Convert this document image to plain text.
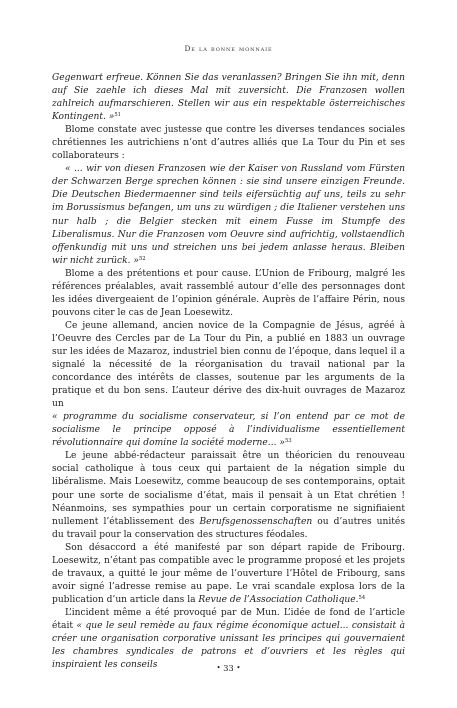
De la bonne monnaie

Gegenwart erfreue. Können Sie das veranlassen? Bringen Sie ihn mit, denn auf Sie zaehle ich dieses Mal mit zuversicht. Die Franzosen wollen zahlreich aufmarschieren. Stellen wir aus ein respektable österreichisches Kontingent. »$^{51}$

Blome constate avec justesse que contre les diverses tendances sociales chrétiennes les autrichiens n’ont d’autres alliés que La Tour du Pin et ses collaborateurs :

« ... wir von diesen Franzosen wie der Kaiser von Russland vom Fürsten der Schwarzen Berge sprechen können : sie sind unsere einzigen Freunde. Die Deutschen Biedermaenner sind teils eifersüchtig auf uns, teils zu sehr im Borussismus befangen, um uns zu würdigen ; die Italiener verstehen uns nur halb ; die Belgier stecken mit einem Fusse im Stumpfe des Liberalismus. Nur die Franzosen vom Oeuvre sind aufrichtig, vollstaendlich offenkundig mit uns und streichen uns bei jedem anlasse heraus. Bleiben wir nicht zurück. »$^{52}$

Blome a des prétentions et pour cause. L’Union de Fribourg, malgré les références préalables, avait rassemblé autour d’elle des personnages dont les idées divergeaient de l’opinion générale. Auprès de l’affaire Périn, nous pouvons citer le cas de Jean Loesewitz.

Ce jeune allemand, ancien novice de la Compagnie de Jésus, agréé à l’Oeuvre des Cercles par de La Tour du Pin, a publié en 1883 un ouvrage sur les idées de Mazaroz, industriel bien connu de l’époque, dans lequel il a signalé la nécessité de la réorganisation du travail national par la concordance des intérêts de classes, soutenue par les arguments de la pratique et du bon sens. L’auteur dérive des dix-huit ouvrages de Mazaroz un

« programme du socialisme conservateur, si l’on entend par ce mot de socialisme le principe opposé à l’individualisme essentiellement révolutionnaire qui domine la société moderne... »$^{53}$

Le jeune abbé-rédacteur paraissait être un théoricien du renouveau social catholique à tous ceux qui partaient de la négation simple du libéralisme. Mais Loesewitz, comme beaucoup de ses contemporains, optait pour une sorte de socialisme d’état, mais il pensait à un Etat chrétien ! Néanmoins, ses sympathies pour un certain corporatisme ne signifiaient nullement l’établissement des Berufsgenossenschaften ou d’autres unités du travail pour la conservation des structures féodales.

Son désaccord a été manifesté par son départ rapide de Fribourg. Loesewitz, n’étant pas compatible avec le programme proposé et les projets de travaux, a quitté le jour même de l’ouverture l’Hôtel de Fribourg, sans avoir signé l’adresse remise au pape. Le vrai scandale explosa lors de la publication d’un article dans la Revue de l’Association Catholique.$^{54}$

L’incident même a été provoqué par de Mun. L’idée de fond de l’article était « que le seul remède au faux régime économique actuel... consistait à créer une organisation corporative unissant les principes qui gouvernaient les chambres syndicales de patrons et d’ouvriers et les règles qui inspiraient les conseils	• 33 •
